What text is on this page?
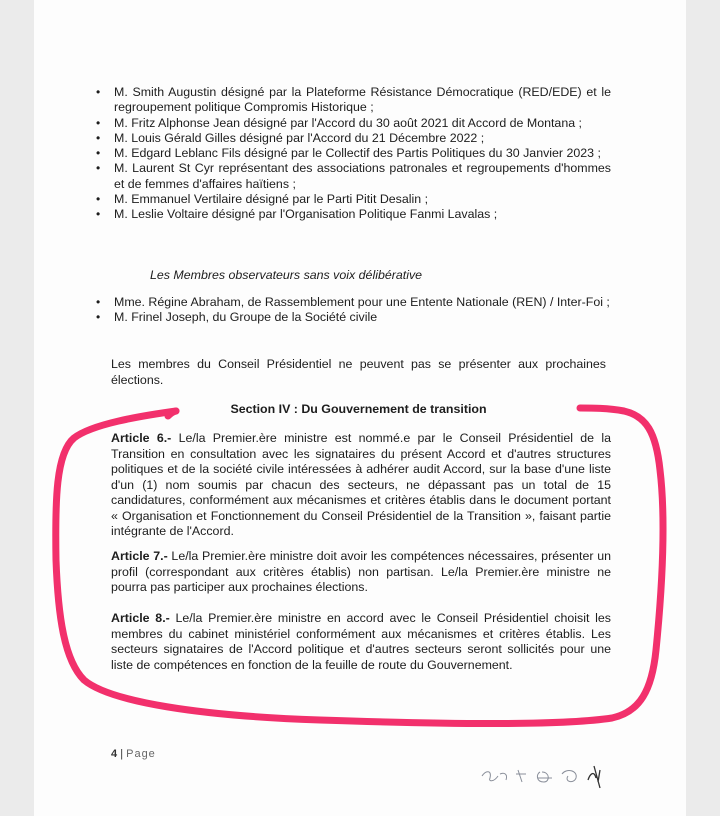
• M. Smith Augustin désigné par la Plateforme Résistance Démocratique (RED/EDE) et le regroupement politique Compromis Historique ;
• M. Fritz Alphonse Jean désigné par l'Accord du 30 août 2021 dit Accord de Montana ;
• M. Louis Gérald Gilles désigné par l'Accord du 21 Décembre 2022 ;
• M. Edgard Leblanc Fils désigné par le Collectif des Partis Politiques du 30 Janvier 2023 ;
• M. Laurent St Cyr représentant des associations patronales et regroupements d'hommes et de femmes d'affaires haïtiens ;
• M. Emmanuel Vertilaire désigné par le Parti Pitit Desalin ;
• M. Leslie Voltaire désigné par l'Organisation Politique Fanmi Lavalas ;
Les Membres observateurs sans voix délibérative
• Mme. Régine Abraham, de Rassemblement pour une Entente Nationale (REN) / Inter-Foi ;
• M. Frinel Joseph, du Groupe de la Société civile
Les membres du Conseil Présidentiel ne peuvent pas se présenter aux prochaines élections.
Section IV : Du Gouvernement de transition
Article 6.- Le/la Premier.ère ministre est nommé.e par le Conseil Présidentiel de la Transition en consultation avec les signataires du présent Accord et d'autres structures politiques et de la société civile intéressées à adhérer audit Accord, sur la base d'une liste d'un (1) nom soumis par chacun des secteurs, ne dépassant pas un total de 15 candidatures, conformément aux mécanismes et critères établis dans le document portant « Organisation et Fonctionnement du Conseil Présidentiel de la Transition », faisant partie intégrante de l'Accord.
Article 7.- Le/la Premier.ère ministre doit avoir les compétences nécessaires, présenter un profil (correspondant aux critères établis) non partisan. Le/la Premier.ère ministre ne pourra pas participer aux prochaines élections.
Article 8.- Le/la Premier.ère ministre en accord avec le Conseil Présidentiel choisit les membres du cabinet ministériel conformément aux mécanismes et critères établis. Les secteurs signataires de l'Accord politique et d'autres secteurs seront sollicités pour une liste de compétences en fonction de la feuille de route du Gouvernement.
4 | Page
